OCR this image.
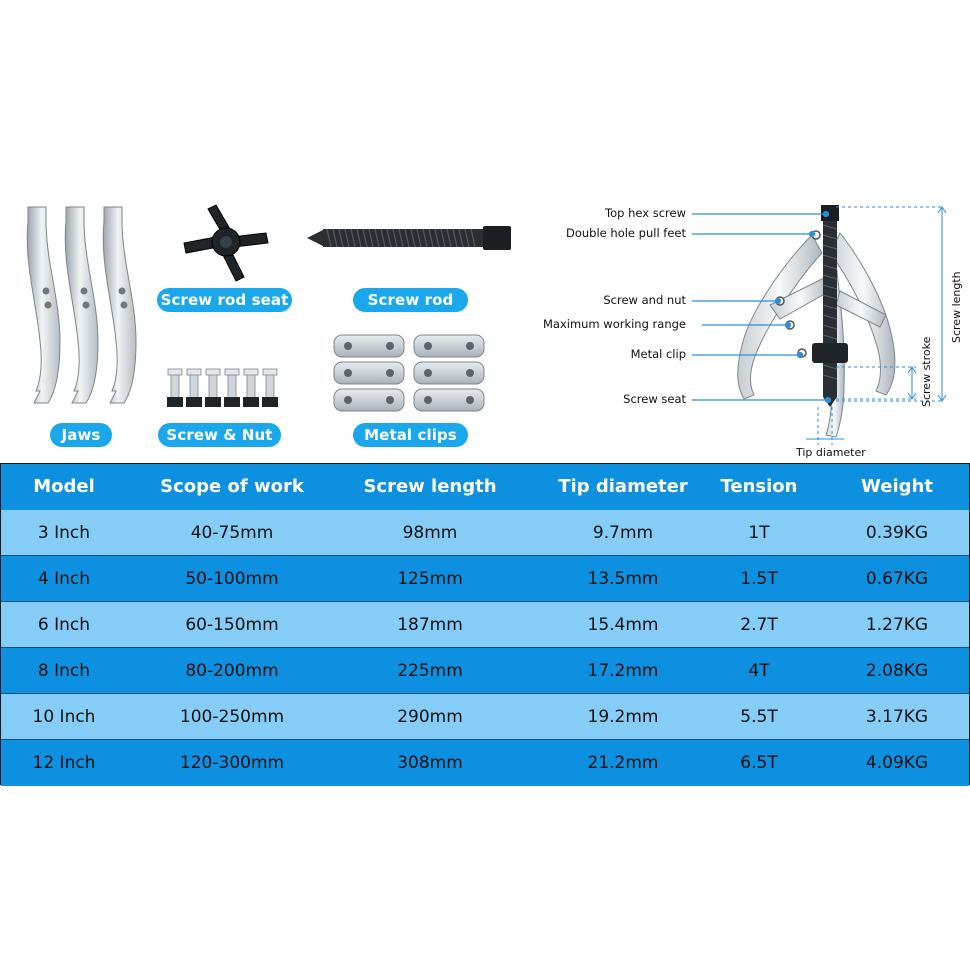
Jaws
Screw rod seat	Screw rod
Screw & Nut	Metal clips
Top hex screw
Double hole pull feet
Screw and nut
Maximum working range
Metal clip
Screw seat
Screw length
Screw stroke
Tip diameter
Model	Scope of work	Screw length	Tip diameter	Tension	Weight
3 Inch	40-75mm	98mm	9.7mm	1T	0.39KG
4 Inch	50-100mm	125mm	13.5mm	1.5T	0.67KG
6 Inch	60-150mm	187mm	15.4mm	2.7T	1.27KG
8 Inch	80-200mm	225mm	17.2mm	4T	2.08KG
10 Inch	100-250mm	290mm	19.2mm	5.5T	3.17KG
12 Inch	120-300mm	308mm	21.2mm	6.5T	4.09KG
